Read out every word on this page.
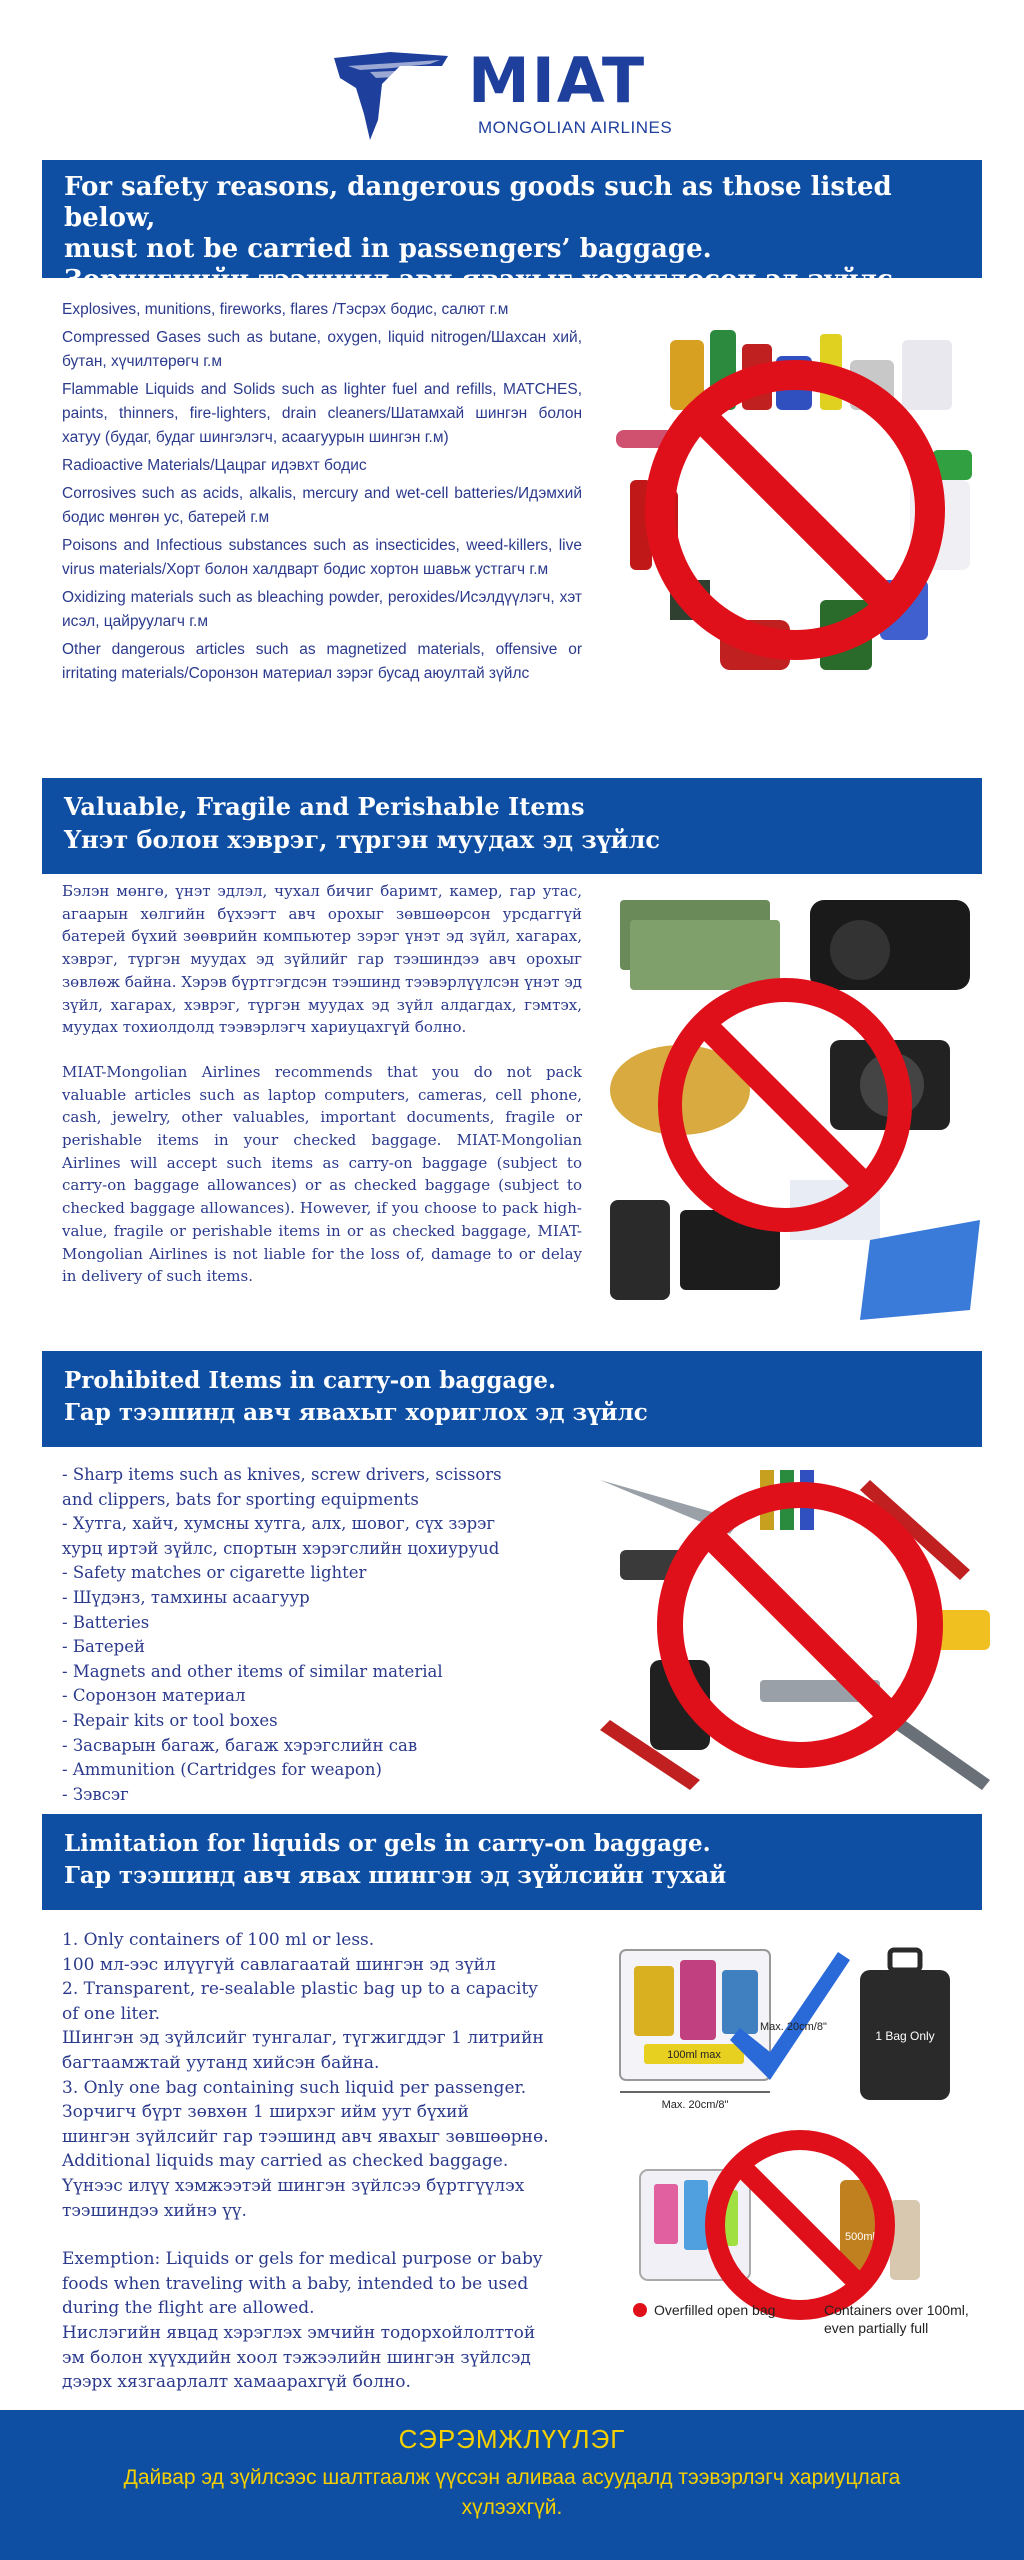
MIAT
MONGOLIAN AIRLINES
For safety reasons, dangerous goods such as those listed below,
must not be carried in passengers’ baggage.
Зорчигчийн тээшинд авч явахыг хориглосон эд зүйлс.

Explosives, munitions, fireworks, flares /Тэсрэх бодис, салют г.м

Compressed Gases such as butane, oxygen, liquid nitrogen/Шахсан хий, бутан, хүчилтөрөгч г.м

Flammable Liquids and Solids such as lighter fuel and refills, MATCHES, paints, thinners, fire-lighters, drain cleaners/Шатамхай шингэн болон хатуу (будаг, будаг шингэлэгч, асаагуурын шингэн г.м)

Radioactive Materials/Цацраг идэвхт бодис

Corrosives such as acids, alkalis, mercury and wet-cell batteries/Идэмхий бодис мөнгөн ус, батерей г.м

Poisons and Infectious substances such as insecticides, weed-killers, live virus materials/Хорт болон халдварт бодис хортон шавьж устгагч г.м

Oxidizing materials such as bleaching powder, peroxides/Исэлдүүлэгч, хэт исэл, цайруулагч г.м

Other dangerous articles such as magnetized materials, offensive or irritating materials/Соронзон материал зэрэг бусад аюултай зүйлс

Valuable, Fragile and Perishable Items
Үнэт болон хэврэг, түргэн муудах эд зүйлс

Бэлэн мөнгө, үнэт эдлэл, чухал бичиг баримт, камер, гар утас, агаарын хөлгийн бүхээгт авч орохыг зөвшөөрсон урсдаггүй батерей бүхий зөөврийн компьютер зэрэг үнэт эд зүйл, хагарах, хэврэг, түргэн муудах эд зүйлийг гар тээшиндээ авч орохыг зөвлөж байна. Хэрэв бүртгэгдсэн тээшинд тээвэрлүүлсэн үнэт эд зүйл, хагарах, хэврэг, түргэн муудах эд зүйл алдагдах, гэмтэх, муудах тохиолдолд тээвэрлэгч хариуцахгүй болно.

MIAT-Mongolian Airlines recommends that you do not pack valuable articles such as laptop computers, cameras, cell phone, cash, jewelry, other valuables, important documents, fragile or perishable items in your checked baggage. MIAT-Mongolian Airlines will accept such items as carry-on baggage (subject to carry-on baggage allowances) or as checked baggage (subject to checked baggage allowances). However, if you choose to pack high-value, fragile or perishable items in or as checked baggage, MIAT-Mongolian Airlines is not liable for the loss of, damage to or delay in delivery of such items.

Prohibited Items in carry-on baggage.
Гар тээшинд авч явахыг хориглох эд зүйлс
- Sharp items such as knives, screw drivers, scissors
and clippers, bats for sporting equipments
- Хутга, хайч, хумсны хутга, алх, шовог, сүх зэрэг
хурц иртэй зүйлс, спортын хэрэгслийн цохиуруud
- Safety matches or cigarette lighter
- Шүдэнз, тамхины асаагуур
- Batteries
- Батерей
- Magnets and other items of similar material
- Соронзон материал
- Repair kits or tool boxes
- Засварын багаж, багаж хэрэгслийн сав
- Ammunition (Cartridges for weapon)
- Зэвсэг
Limitation for liquids or gels in carry-on baggage.
Гар тээшинд авч явах шингэн эд зүйлсийн тухай
1. Only containers of 100 ml or less.
100 мл-ээс илүүгүй савлагаатай шингэн эд зүйл
2. Transparent, re-sealable plastic bag up to a capacity
of one liter.
Шингэн эд зүйлсийг тунгалаг, түгжигддэг 1 литрийн
багтаамжтай уутанд хийсэн байна.
3. Only one bag containing such liquid per passenger.
Зорчигч бүрт зөвхөн 1 ширхэг ийм уут бүхий
шингэн зүйлсийг гар тээшинд авч явахыг зөвшөөрнө.
Additional liquids may carried as checked baggage.
Үүнээс илүү хэмжээтэй шингэн зүйлсээ бүртгүүлэх
тээшиндээ хийнэ үү.
Exemption: Liquids or gels for medical purpose or baby
foods when traveling with a baby, intended to be used
during the flight are allowed.
Нислэгийн явцад хэрэглэх эмчийн тодорхойлолттой
эм болон хүүхдийн хоол тэжээлийн шингэн зүйлсэд
дээрх хязгаарлалт хамаарахгүй болно.
100ml max
Max. 20cm/8"
Max. 20cm/8"
1 Bag Only
500ml
Overfilled open bag	Containers over 100ml,
even partially full
СЭРЭМЖЛҮҮЛЭГ
Дайвар эд зүйлсээс шалтгаалж үүссэн аливаа асуудалд тээвэрлэгч хариуцлага хүлээхгүй.
